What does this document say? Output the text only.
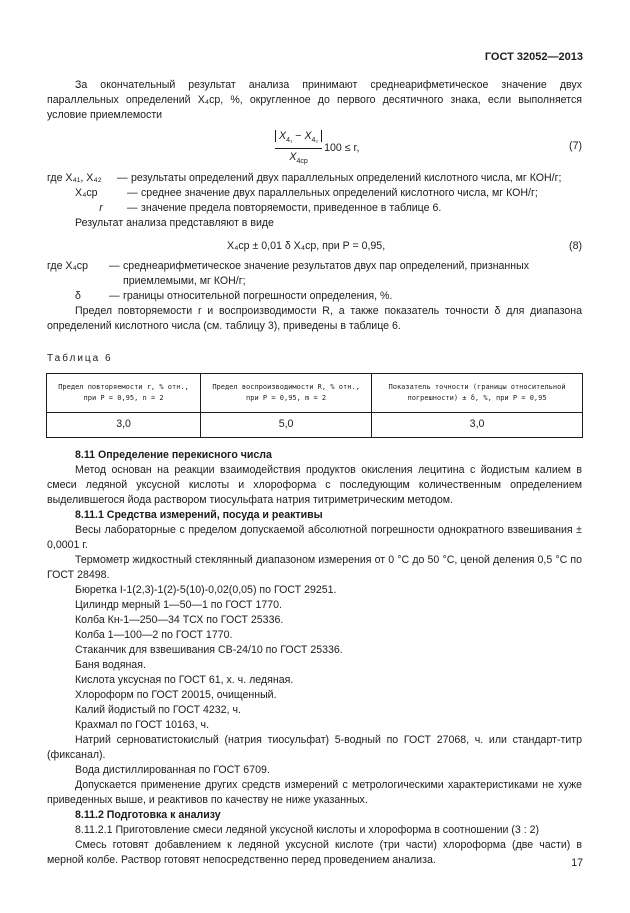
ГОСТ 32052—2013

За окончательный результат анализа принимают среднеарифметическое значение двух параллельных определений X₄ср, %, округленное до первого десятичного знака, если выполняется условие приемлемости

$\frac{X_{4_1} - X_{4_2}}{X_{4ср}} 100 \le r$,	(7)
где X₄₁, X₄₂	— результаты определений двух параллельных определений кислотного числа, мг КОН/г;
X₄ср	— среднее значение двух параллельных определений кислотного числа, мг КОН/г;
r	— значение предела повторяемости, приведенное в таблице 6.

Результат анализа представляют в виде

X₄ср ± 0,01 δ X₄ср, при P = 0,95,	(8)
где X₄ср	— среднеарифметическое значение результатов двух пар определений, признанных приемлемыми, мг КОН/г;
δ	— границы относительной погрешности определения, %.

Предел повторяемости r и воспроизводимости R, а также показатель точности δ для диапазона определений кислотного числа (см. таблицу 3), приведены в таблице 6.

Таблица 6
Предел повторяемости r, % отн., при P = 0,95, n = 2	Предел воспроизводимости R, % отн., при P = 0,95, m = 2	Показатель точности (границы относительной погрешности) ± δ, %, при P = 0,95
3,0	5,0	3,0

8.11 Определение перекисного числа

Метод основан на реакции взаимодействия продуктов окисления лецитина с йодистым калием в смеси ледяной уксусной кислоты и хлороформа с последующим количественным определением выделившегося йода раствором тиосульфата натрия титриметрическим методом.

8.11.1 Средства измерений, посуда и реактивы

Весы лабораторные с пределом допускаемой абсолютной погрешности однократного взвешивания ± 0,0001 г.

Термометр жидкостный стеклянный диапазоном измерения от 0 °С до 50 °С, ценой деления 0,5 °С по ГОСТ 28498.

Бюретка I-1(2,3)-1(2)-5(10)-0,02(0,05) по ГОСТ 29251.

Цилиндр мерный 1—50—1 по ГОСТ 1770.

Колба Кн-1—250—34 ТСХ по ГОСТ 25336.

Колба 1—100—2 по ГОСТ 1770.

Стаканчик для взвешивания СВ-24/10 по ГОСТ 25336.

Баня водяная.

Кислота уксусная по ГОСТ 61, х. ч. ледяная.

Хлороформ по ГОСТ 20015, очищенный.

Калий йодистый по ГОСТ 4232, ч.

Крахмал по ГОСТ 10163, ч.

Натрий серноватистокислый (натрия тиосульфат) 5-водный по ГОСТ 27068, ч. или стандарт-титр (фиксанал).

Вода дистиллированная по ГОСТ 6709.

Допускается применение других средств измерений с метрологическими характеристиками не хуже приведенных выше, и реактивов по качеству не ниже указанных.

8.11.2 Подготовка к анализу

8.11.2.1 Приготовление смеси ледяной уксусной кислоты и хлороформа в соотношении (3 : 2)

Смесь готовят добавлением к ледяной уксусной кислоте (три части) хлороформа (две части) в мерной колбе. Раствор готовят непосредственно перед проведением анализа.	17
